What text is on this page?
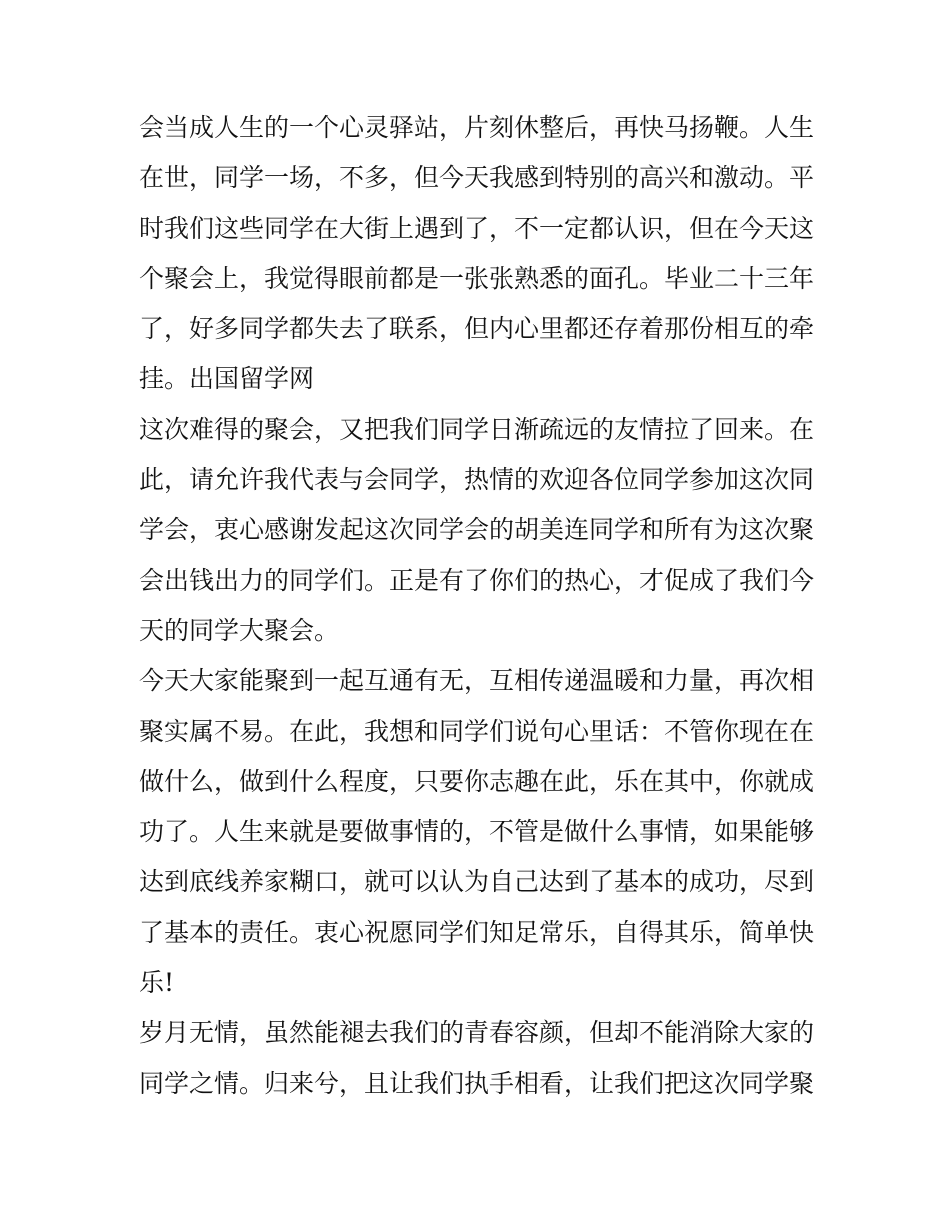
会当成人生的一个心灵驿站，片刻休整后，再快马扬鞭。人生
在世，同学一场，不多，但今天我感到特别的高兴和激动。平
时我们这些同学在大街上遇到了，不一定都认识，但在今天这
个聚会上，我觉得眼前都是一张张熟悉的面孔。毕业二十三年
了，好多同学都失去了联系，但内心里都还存着那份相互的牵
挂。出国留学网
这次难得的聚会，又把我们同学日渐疏远的友情拉了回来。在
此，请允许我代表与会同学，热情的欢迎各位同学参加这次同
学会，衷心感谢发起这次同学会的胡美连同学和所有为这次聚
会出钱出力的同学们。正是有了你们的热心，才促成了我们今
天的同学大聚会。
今天大家能聚到一起互通有无，互相传递温暖和力量，再次相
聚实属不易。在此，我想和同学们说句心里话：不管你现在在
做什么，做到什么程度，只要你志趣在此，乐在其中，你就成
功了。人生来就是要做事情的，不管是做什么事情，如果能够
达到底线养家糊口，就可以认为自己达到了基本的成功，尽到
了基本的责任。衷心祝愿同学们知足常乐，自得其乐，简单快
乐!
岁月无情，虽然能褪去我们的青春容颜，但却不能消除大家的
同学之情。归来兮，且让我们执手相看，让我们把这次同学聚
